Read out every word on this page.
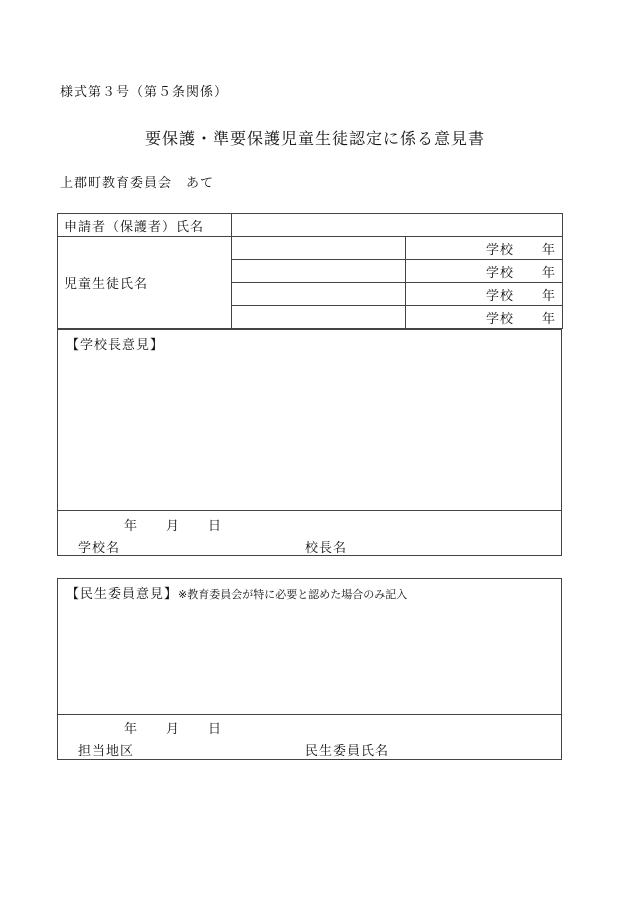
様式第３号（第５条関係）
要保護・準要保護児童生徒認定に係る意見書
上郡町教育委員会　あて
申請者（保護者）氏名		
児童生徒氏名		学校　　年
		学校　　年
		学校　　年
		学校　　年
【学校長意見】
年　　月　　日
学校名	校長名
【民生委員意見】※教育委員会が特に必要と認めた場合のみ記入
年　　月　　日
担当地区	民生委員氏名
